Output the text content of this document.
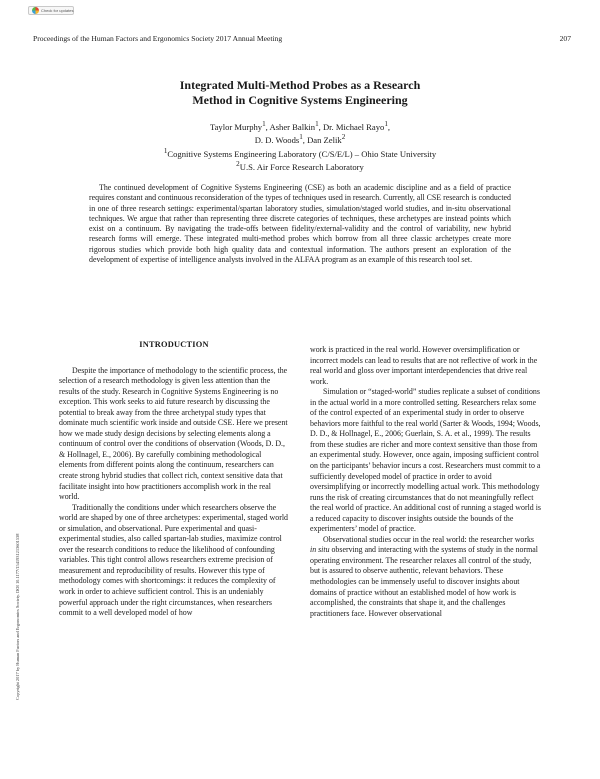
Check for updates
Proceedings of the Human Factors and Ergonomics Society 2017 Annual Meeting	207
Copyright 2017 by Human Factors and Ergonomics Society. DOI 10.1177/1541931213601538
Integrated Multi-Method Probes as a Research
Method in Cognitive Systems Engineering
Taylor Murphy$^1$, Asher Balkin$^1$, Dr. Michael Rayo$^1$,
D. D. Woods$^1$, Dan Zelik$^2$
$^1$Cognitive Systems Engineering Laboratory (C/S/E/L) – Ohio State University
$^2$U.S. Air Force Research Laboratory

The continued development of Cognitive Systems Engineering (CSE) as both an academic discipline and as a field of practice requires constant and continuous reconsideration of the types of techniques used in research. Currently, all CSE research is conducted in one of three research settings: experimental/spartan laboratory studies, simulation/staged world studies, and in-situ observational techniques. We argue that rather than representing three discrete categories of techniques, these archetypes are instead points which exist on a continuum. By navigating the trade-offs between fidelity/external-validity and the control of variability, new hybrid research forms will emerge. These integrated multi-method probes which borrow from all three classic archetypes create more rigorous studies which provide both high quality data and contextual information. The authors present an exploration of the development of expertise of intelligence analysts involved in the ALFAA program as an example of this research tool set.

INTRODUCTION

Despite the importance of methodology to the scientific process, the selection of a research methodology is given less attention than the results of the study. Research in Cognitive Systems Engineering is no exception. This work seeks to aid future research by discussing the potential to break away from the three archetypal study types that dominate much scientific work inside and outside CSE. Here we present how we made study design decisions by selecting elements along a continuum of control over the conditions of observation (Woods, D. D., & Hollnagel, E., 2006). By carefully combining methodological elements from different points along the continuum, researchers can create strong hybrid studies that collect rich, context sensitive data that facilitate insight into how practitioners accomplish work in the real world.

Traditionally the conditions under which researchers observe the world are shaped by one of three archetypes: experimental, staged world or simulation, and observational. Pure experimental and quasi-experimental studies, also called spartan-lab studies, maximize control over the research conditions to reduce the likelihood of confounding variables. This tight control allows researchers extreme precision of measurement and reproducibility of results. However this type of methodology comes with shortcomings: it reduces the complexity of work in order to achieve sufficient control. This is an undeniably powerful approach under the right circumstances, when researchers commit to a well developed model of how

work is practiced in the real world. However oversimplification or incorrect models can lead to results that are not reflective of work in the real world and gloss over important interdependencies that drive real work.

Simulation or “staged-world” studies replicate a subset of conditions in the actual world in a more controlled setting. Researchers relax some of the control expected of an experimental study in order to observe behaviors more faithful to the real world (Sarter & Woods, 1994; Woods, D. D., & Hollnagel, E., 2006; Guerlain, S. A. et al., 1999). The results from these studies are richer and more context sensitive than those from an experimental study. However, once again, imposing sufficient control on the participants’ behavior incurs a cost. Researchers must commit to a sufficiently developed model of practice in order to avoid oversimplifying or incorrectly modelling actual work. This methodology runs the risk of creating circumstances that do not meaningfully reflect the real world of practice. An additional cost of running a staged world is a reduced capacity to discover insights outside the bounds of the experimenters’ model of practice.

Observational studies occur in the real world: the researcher works in situ observing and interacting with the systems of study in the normal operating environment. The researcher relaxes all control of the study, but is assured to observe authentic, relevant behaviors. These methodologies can be immensely useful to discover insights about domains of practice without an established model of how work is accomplished, the constraints that shape it, and the challenges practitioners face. However observational
